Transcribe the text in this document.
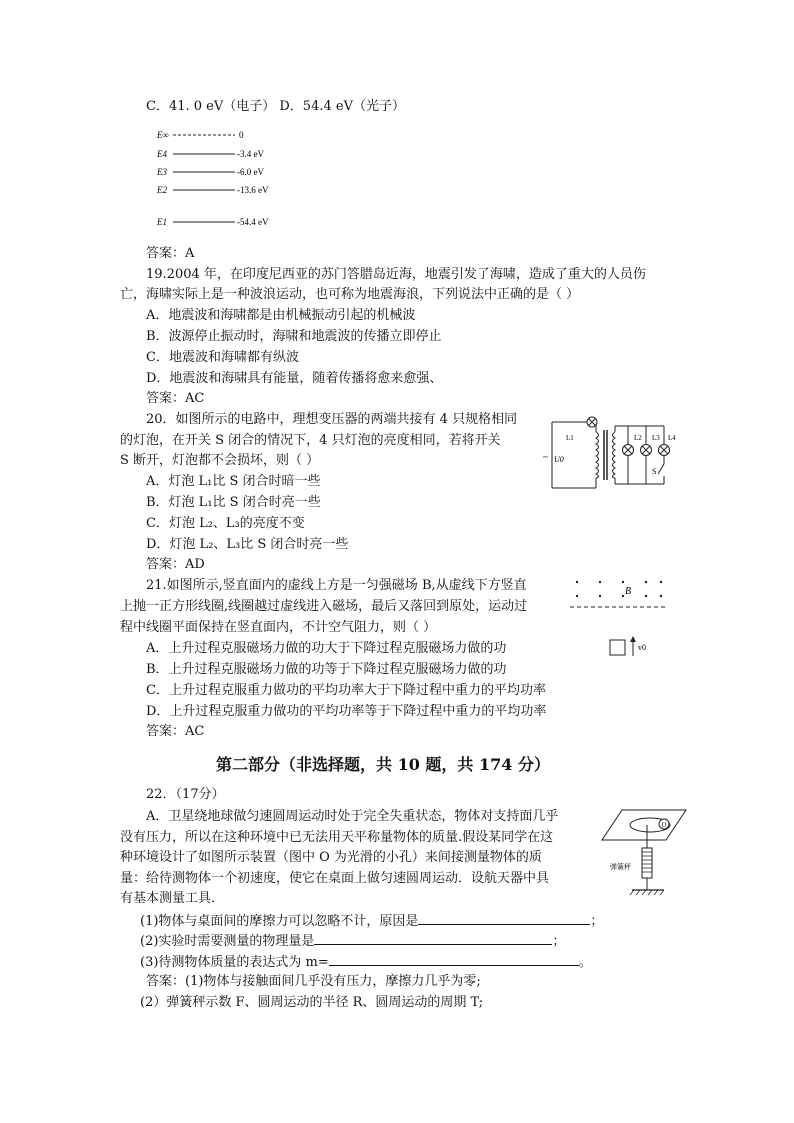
C．41. 0 eV（电子） D．54.4 eV（光子）
E∞	0
E4	-3.4 eV
E3	-6.0 eV
E2	-13.6 eV
E1	-54.4 eV
答案：A
19.2004 年，在印度尼西亚的苏门答腊岛近海，地震引发了海啸，造成了重大的人员伤
亡，海啸实际上是一种波浪运动，也可称为地震海浪，下列说法中正确的是（ ）
A．地震波和海啸都是由机械振动引起的机械波
B．波源停止振动时，海啸和地震波的传播立即停止
C．地震波和海啸都有纵波
D．地震波和海啸具有能量，随着传播将愈来愈强、
答案：AC
20．如图所示的电路中，理想变压器的两端共接有 4 只规格相同
的灯泡，在开关 S 闭合的情况下，4 只灯泡的亮度相同，若将开关
S 断开，灯泡都不会损坏，则（ ）
A．灯泡 L₁比 S 闭合时暗一些
B．灯泡 L₁比 S 闭合时亮一些
C．灯泡 L₂、L₃的亮度不变
D．灯泡 L₂、L₃比 S 闭合时亮一些
答案：AD
L1	L2 L3 L4
~ U0
S
21.如图所示,竖直面内的虚线上方是一匀强磁场 B,从虚线下方竖直
上抛一正方形线圈,线圈越过虚线进入磁场，最后又落回到原处，运动过
程中线圈平面保持在竖直面内，不计空气阻力，则（ ）
A．上升过程克服磁场力做的功大于下降过程克服磁场力做的功
B．上升过程克服磁场力做的功等于下降过程克服磁场力做的功
C．上升过程克服重力做功的平均功率大于下降过程中重力的平均功率
D．上升过程克服重力做功的平均功率等于下降过程中重力的平均功率
答案：AC
B
v0
第二部分（非选择题，共 10 题，共 174 分）
22．（17分）
A．卫星绕地球做匀速圆周运动时处于完全失重状态，物体对支持面几乎
没有压力，所以在这种环境中已无法用天平称量物体的质量.假设某同学在这
种环境设计了如图所示装置（图中 O 为光滑的小孔）来间接测量物体的质
量：给待测物体一个初速度，使它在桌面上做匀速圆周运动．设航天器中具
有基本测量工具．
(1)物体与桌面间的摩擦力可以忽略不计，原因是	；
(2)实验时需要测量的物理量是	；
(3)待测物体质量的表达式为 m=	。
答案：(1)物体与接触面间几乎没有压力，摩擦力几乎为零;
(2）弹簧秤示数 F、圆周运动的半径 R、圆周运动的周期 T;
O
弹簧秤
